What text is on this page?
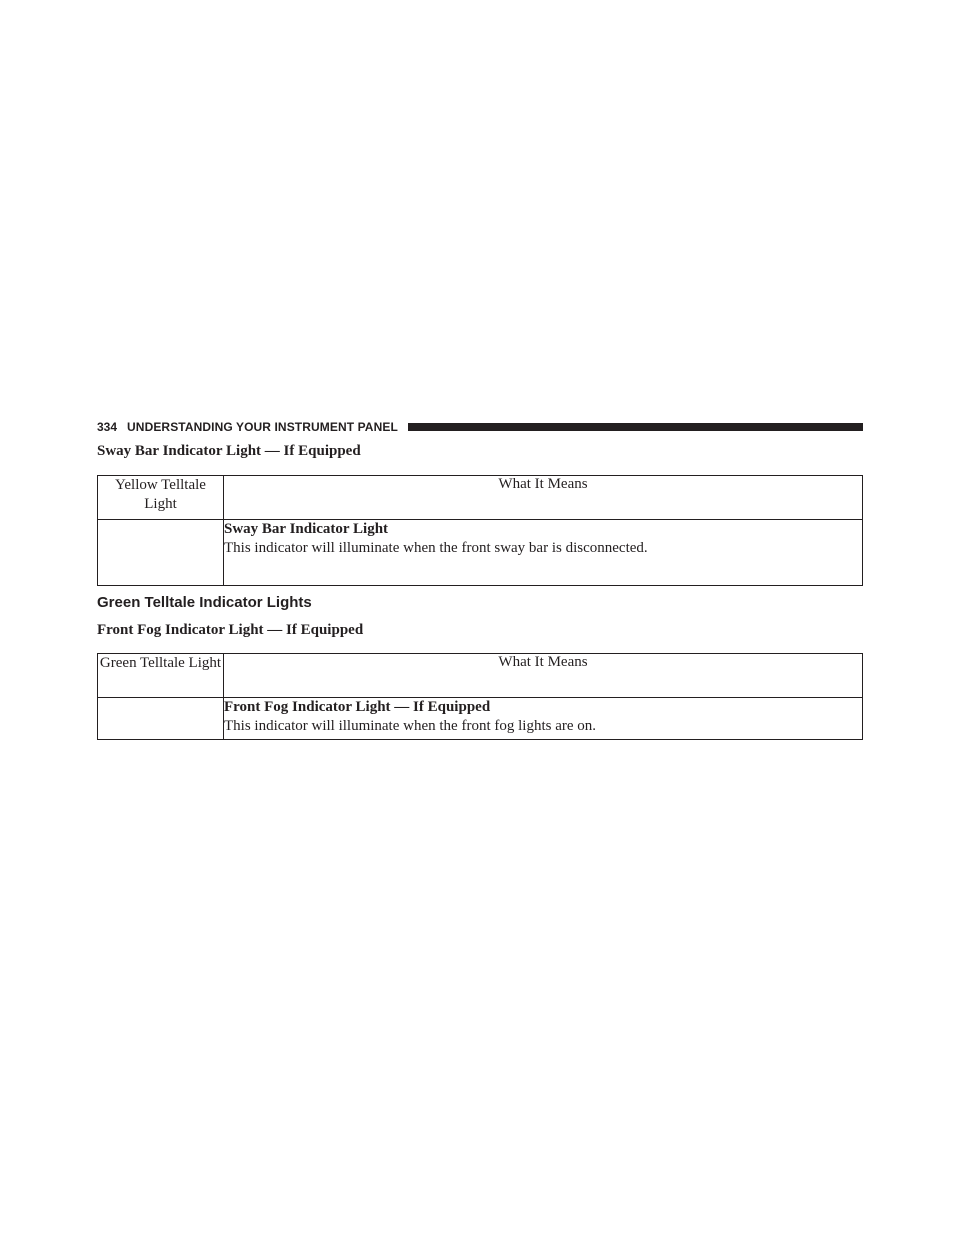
334 UNDERSTANDING YOUR INSTRUMENT PANEL
Sway Bar Indicator Light — If Equipped
Yellow Telltale Light	What It Means

	Sway Bar Indicator Light
This indicator will illuminate when the front sway bar is disconnected.
Green Telltale Indicator Lights
Front Fog Indicator Light — If Equipped
Green Telltale Light	What It Means

	Front Fog Indicator Light — If Equipped
This indicator will illuminate when the front fog lights are on.
